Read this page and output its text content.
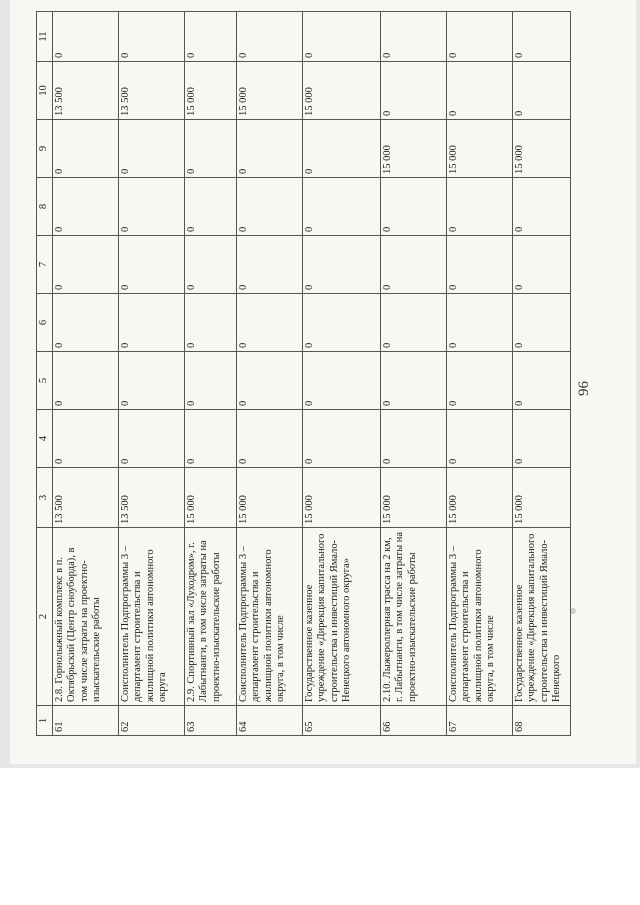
96
1	2	3	4	5	6	7	8	9	10	11
61	2.8. Горнолыжный комплекс в п. Октябрьский (Центр сноуборда), в том числе затраты на проектно-изыскательские работы	13 500	0	0	0	0	0	0	13 500	0
62	Соисполнитель Подпрограммы 3 – департамент строительства и жилищной политики автономного округа	13 500	0	0	0	0	0	0	13 500	0
63	2.9. Спортивный зал «Луходром», г. Лабытнанги, в том числе затраты на проектно-изыскательские работы	15 000	0	0	0	0	0	0	15 000	0
64	Соисполнитель Подпрограммы 3 – департамент строительства и жилищной политики автономного округа, в том числе	15 000	0	0	0	0	0	0	15 000	0
65	Государственное казенное учреждение «Дирекция капитального строительства и инвестиций Ямало-Ненецкого автономного округа»	15 000	0	0	0	0	0	0	15 000	0
66	2.10. Лыжероллерная трасса на 2 км, г. Лабытнанги, в том числе затраты на проектно-изыскательские работы	15 000	0	0	0	0	0	15 000	0	0
67	Соисполнитель Подпрограммы 3 – департамент строительства и жилищной политики автономного округа, в том числе	15 000	0	0	0	0	0	15 000	0	0
68	Государственное казенное учреждение «Дирекция капитального строительства и инвестиций Ямало-Ненецкого	15 000	0	0	0	0	0	15 000	0	0
